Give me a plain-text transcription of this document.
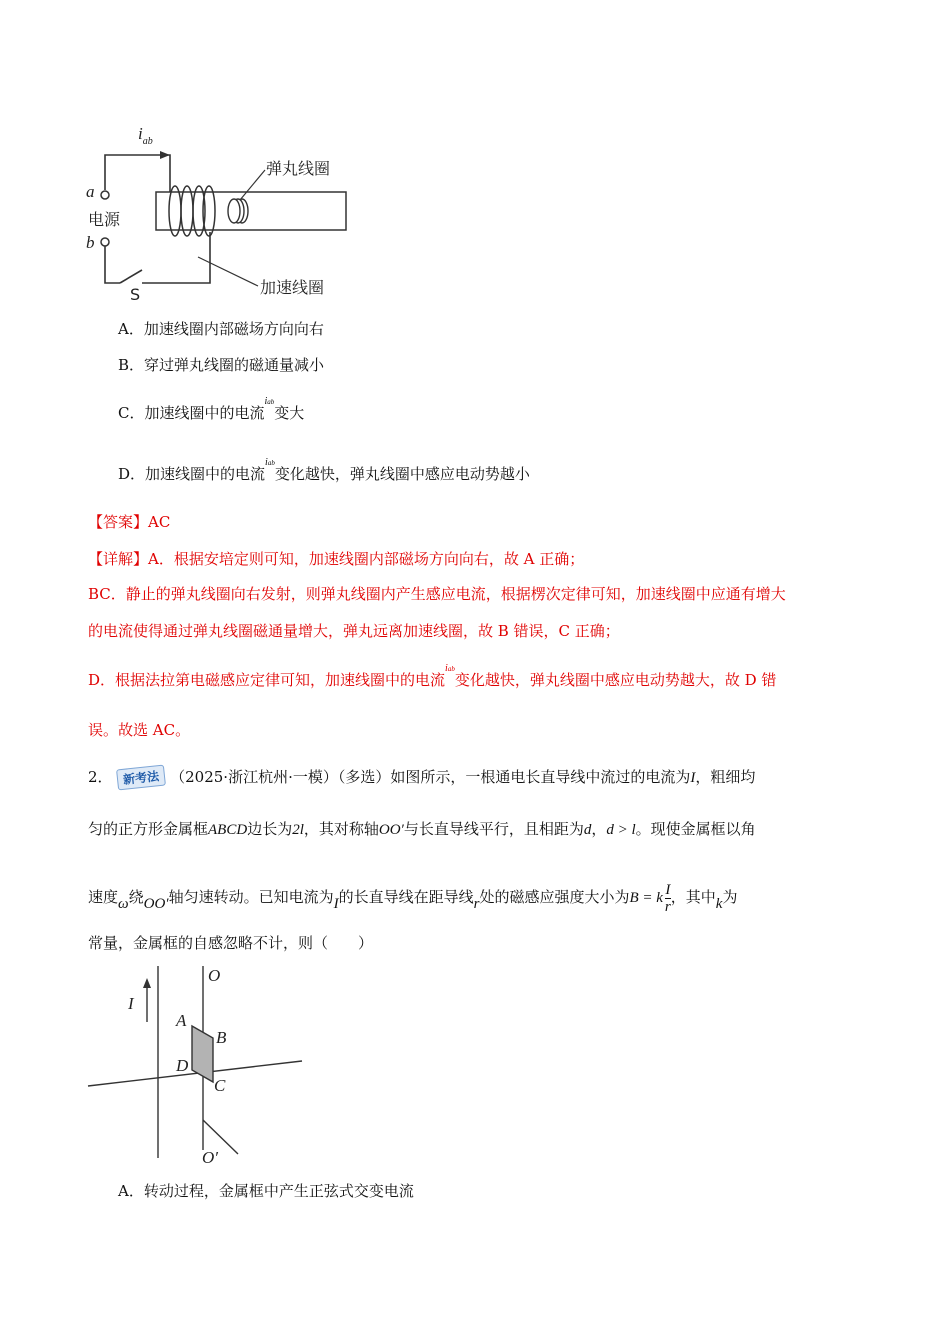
$i_{ab}$
a
电源
b
S
弹丸线圈
加速线圈
A．加速线圈内部磁场方向向右
B．穿过弹丸线圈的磁通量减小
C．加速线圈中的电流$^{iab}$变大
D．加速线圈中的电流$^{iab}$变化越快，弹丸线圈中感应电动势越小
【答案】AC
【详解】A．根据安培定则可知，加速线圈内部磁场方向向右，故 A 正确；
BC．静止的弹丸线圈向右发射，则弹丸线圈内产生感应电流，根据楞次定律可知，加速线圈中应通有增大
的电流使得通过弹丸线圈磁通量增大，弹丸远离加速线圈，故 B 错误，C 正确；
D．根据法拉第电磁感应定律可知，加速线圈中的电流$^{iab}$变化越快，弹丸线圈中感应电动势越大，故 D 错
误。故选 AC。
2． 新考法 （2025·浙江杭州·一模）（多选）如图所示，一根通电长直导线中流过的电流为I，粗细均
匀的正方形金属框ABCD边长为2l，其对称轴OO′与长直导线平行，且相距为d，d > l。现使金属框以角
速度ω绕OO′轴匀速转动。已知电流为I的长直导线在距导线r处的磁感应强度大小为B = k $\frac{I}{r}$ ，其中k为
常量，金属框的自感忽略不计，则（　　）
I
O
A
B
D
C
O′
A．转动过程，金属框中产生正弦式交变电流
